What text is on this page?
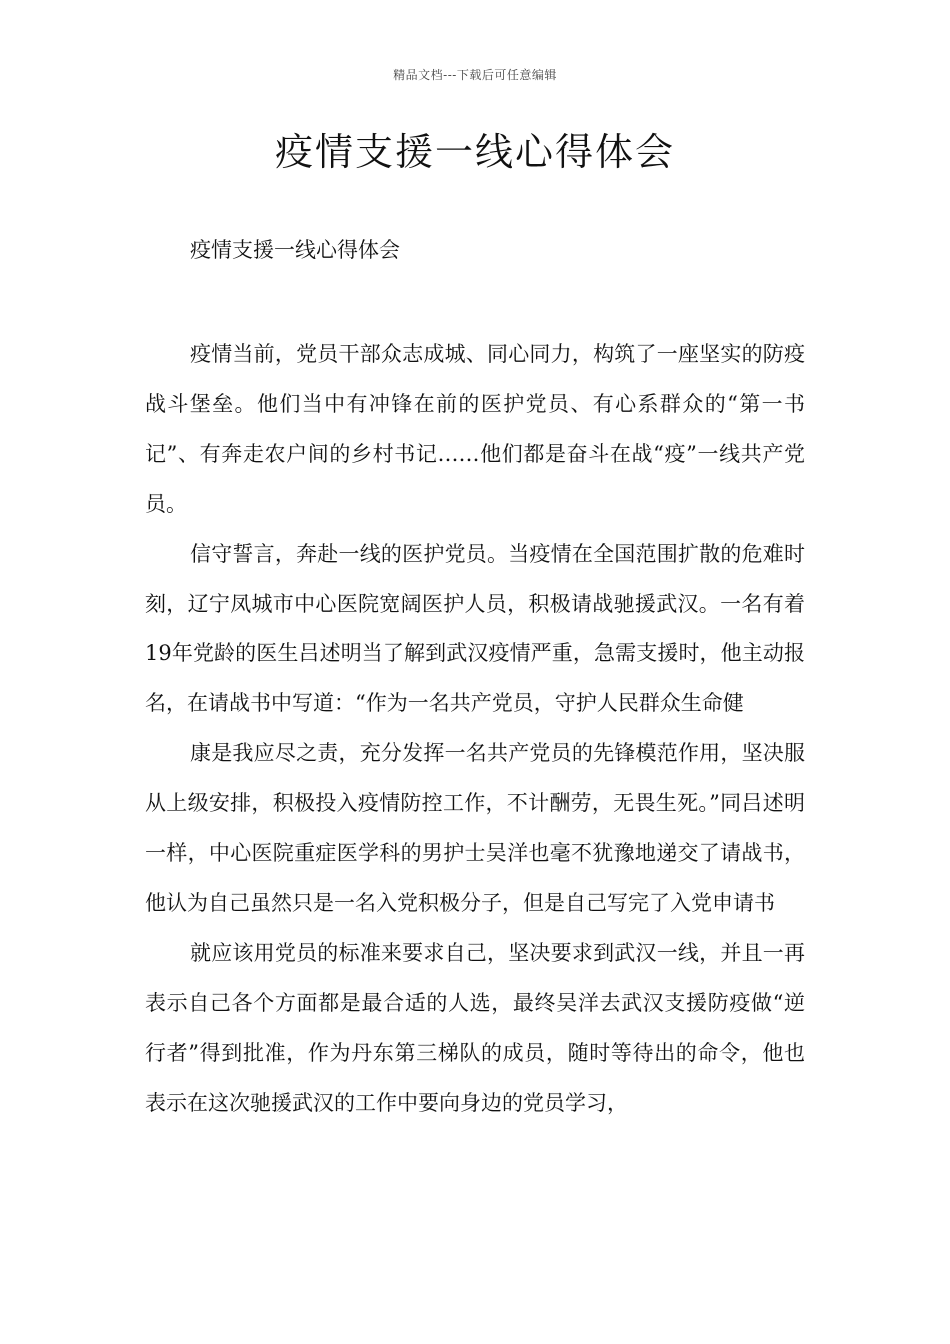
精品文档---下载后可任意编辑
疫情支援一线心得体会
疫情支援一线心得体会

疫情当前，党员干部众志成城、同心同力，构筑了一座坚实的防疫战斗堡垒。他们当中有冲锋在前的医护党员、有心系群众的“第一书记”、有奔走农户间的乡村书记……他们都是奋斗在战“疫”一线共产党员。

信守誓言，奔赴一线的医护党员。当疫情在全国范围扩散的危难时刻，辽宁凤城市中心医院宽阔医护人员，积极请战驰援武汉。一名有着19年党龄的医生吕述明当了解到武汉疫情严重，急需支援时，他主动报名，在请战书中写道：“作为一名共产党员，守护人民群众生命健

康是我应尽之责，充分发挥一名共产党员的先锋模范作用，坚决服从上级安排，积极投入疫情防控工作，不计酬劳，无畏生死。”同吕述明一样，中心医院重症医学科的男护士吴洋也毫不犹豫地递交了请战书，他认为自己虽然只是一名入党积极分子，但是自己写完了入党申请书

就应该用党员的标准来要求自己，坚决要求到武汉一线，并且一再表示自己各个方面都是最合适的人选，最终吴洋去武汉支援防疫做“逆行者”得到批准，作为丹东第三梯队的成员，随时等待出的命令，他也表示在这次驰援武汉的工作中要向身边的党员学习，
